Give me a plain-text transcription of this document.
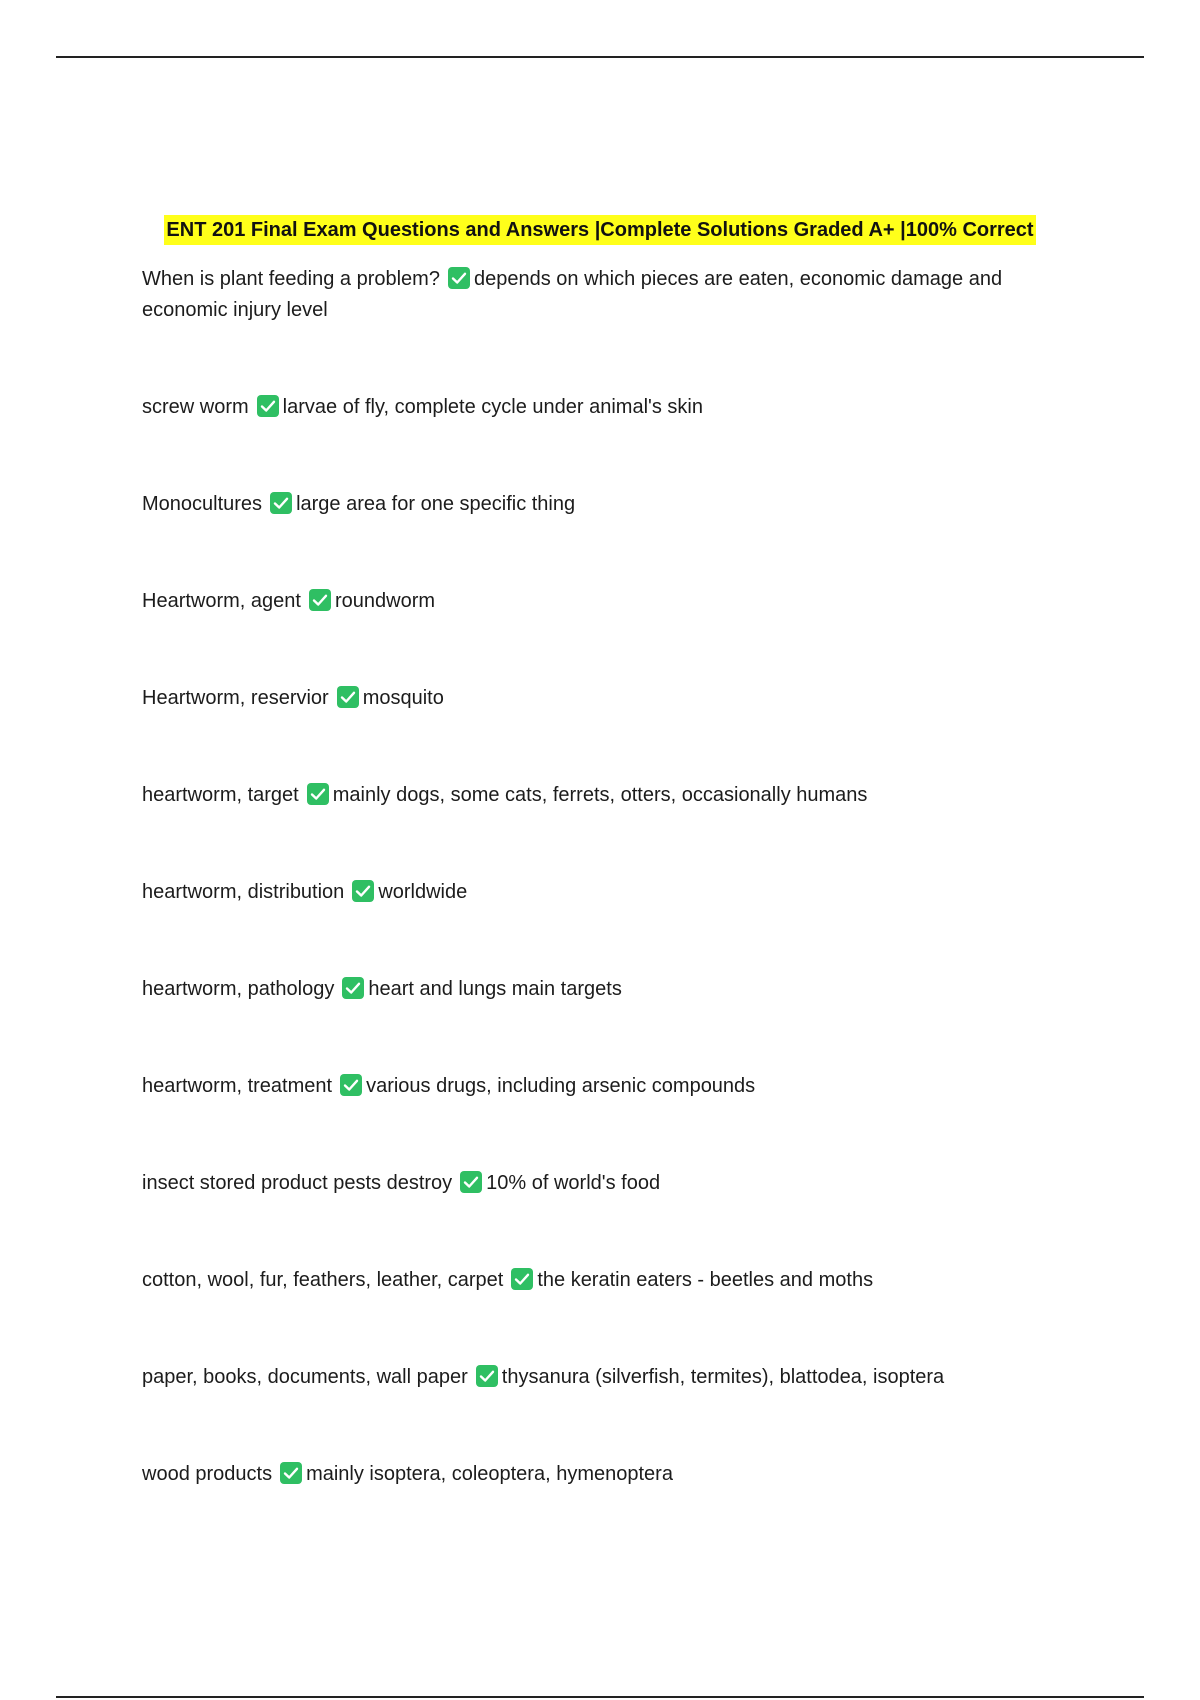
ENT 201 Final Exam Questions and Answers |Complete Solutions Graded A+ |100% Correct
When is plant feeding a problem? depends on which pieces are eaten, economic damage and economic injury level
screw worm larvae of fly, complete cycle under animal's skin
Monocultures large area for one specific thing
Heartworm, agent roundworm
Heartworm, reservior mosquito
heartworm, target mainly dogs, some cats, ferrets, otters, occasionally humans
heartworm, distribution worldwide
heartworm, pathology heart and lungs main targets
heartworm, treatment various drugs, including arsenic compounds
insect stored product pests destroy 10% of world's food
cotton, wool, fur, feathers, leather, carpet the keratin eaters - beetles and moths
paper, books, documents, wall paper thysanura (silverfish, termites), blattodea, isoptera
wood products mainly isoptera, coleoptera, hymenoptera
